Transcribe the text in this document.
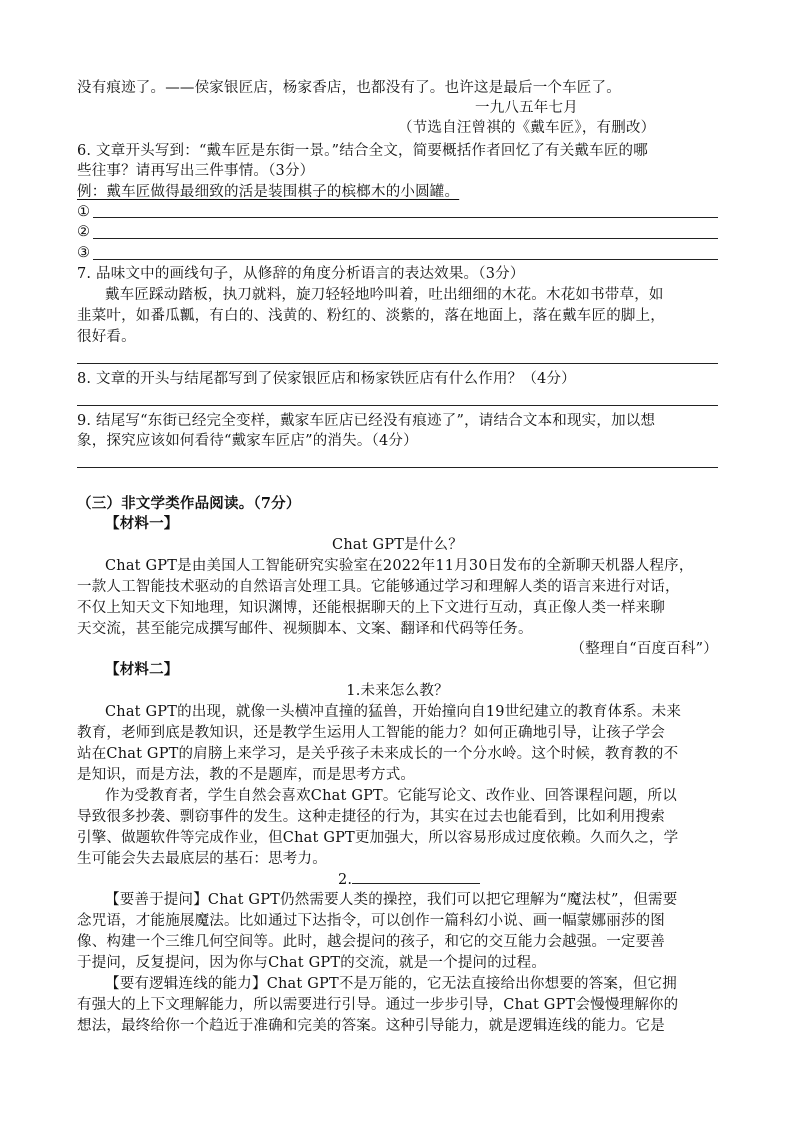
没有痕迹了。——侯家银匠店，杨家香店，也都没有了。也许这是最后一个车匠了。
一九八五年七月
（节选自汪曾祺的《戴车匠》，有删改）
6. 文章开头写到：“戴车匠是东街一景。”结合全文，简要概括作者回忆了有关戴车匠的哪
些往事？请再写出三件事情。（3分）
例：戴车匠做得最细致的活是装围棋子的槟榔木的小圆罐。
①
②
③
7. 品味文中的画线句子，从修辞的角度分析语言的表达效果。（3分）
戴车匠踩动踏板，执刀就料，旋刀轻轻地吟叫着，吐出细细的木花。木花如书带草，如
韭菜叶，如番瓜瓤，有白的、浅黄的、粉红的、淡紫的，落在地面上，落在戴车匠的脚上，
很好看。
8. 文章的开头与结尾都写到了侯家银匠店和杨家铁匠店有什么作用？（4分）
9. 结尾写“东街已经完全变样，戴家车匠店已经没有痕迹了”，请结合文本和现实，加以想
象，探究应该如何看待“戴家车匠店”的消失。（4分）
（三）非文学类作品阅读。（7分）
【材料一】
Chat GPT是什么？
Chat GPT是由美国人工智能研究实验室在2022年11月30日发布的全新聊天机器人程序，
一款人工智能技术驱动的自然语言处理工具。它能够通过学习和理解人类的语言来进行对话，
不仅上知天文下知地理，知识渊博，还能根据聊天的上下文进行互动，真正像人类一样来聊
天交流，甚至能完成撰写邮件、视频脚本、文案、翻译和代码等任务。
（整理自“百度百科”）
【材料二】
1.未来怎么教？
Chat GPT的出现，就像一头横冲直撞的猛兽，开始撞向自19世纪建立的教育体系。未来
教育，老师到底是教知识，还是教学生运用人工智能的能力？如何正确地引导，让孩子学会
站在Chat GPT的肩膀上来学习，是关乎孩子未来成长的一个分水岭。这个时候，教育教的不
是知识，而是方法，教的不是题库，而是思考方式。
作为受教育者，学生自然会喜欢Chat GPT。它能写论文、改作业、回答课程问题，所以
导致很多抄袭、剽窃事件的发生。这种走捷径的行为，其实在过去也能看到，比如利用搜索
引擎、做题软件等完成作业，但Chat GPT更加强大，所以容易形成过度依赖。久而久之，学
生可能会失去最底层的基石：思考力。
2.
【要善于提问】Chat GPT仍然需要人类的操控，我们可以把它理解为“魔法杖”，但需要
念咒语，才能施展魔法。比如通过下达指令，可以创作一篇科幻小说、画一幅蒙娜丽莎的图
像、构建一个三维几何空间等。此时，越会提问的孩子，和它的交互能力会越强。一定要善
于提问，反复提问，因为你与Chat GPT的交流，就是一个提问的过程。
【要有逻辑连线的能力】Chat GPT不是万能的，它无法直接给出你想要的答案，但它拥
有强大的上下文理解能力，所以需要进行引导。通过一步步引导，Chat GPT会慢慢理解你的
想法，最终给你一个趋近于准确和完美的答案。这种引导能力，就是逻辑连线的能力。它是
